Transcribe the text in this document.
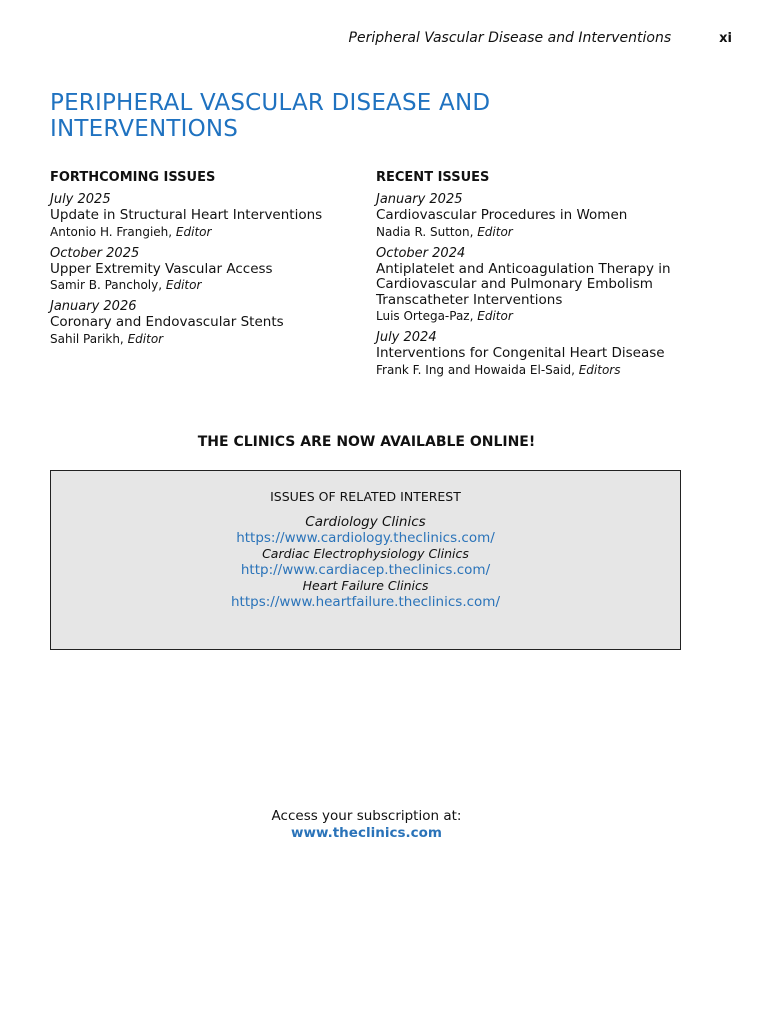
Peripheral Vascular Disease and Interventions	xi
PERIPHERAL VASCULAR DISEASE AND INTERVENTIONS
FORTHCOMING ISSUES
July 2025
Update in Structural Heart Interventions
Antonio H. Frangieh, Editor
October 2025
Upper Extremity Vascular Access
Samir B. Pancholy, Editor
January 2026
Coronary and Endovascular Stents
Sahil Parikh, Editor
RECENT ISSUES
January 2025
Cardiovascular Procedures in Women
Nadia R. Sutton, Editor
October 2024
Antiplatelet and Anticoagulation Therapy in Cardiovascular and Pulmonary Embolism Transcatheter Interventions
Luis Ortega-Paz, Editor
July 2024
Interventions for Congenital Heart Disease
Frank F. Ing and Howaida El-Said, Editors
THE CLINICS ARE NOW AVAILABLE ONLINE!
ISSUES OF RELATED INTEREST
Cardiology Clinics
https://www.cardiology.theclinics.com/
Cardiac Electrophysiology Clinics
http://www.cardiacep.theclinics.com/
Heart Failure Clinics
https://www.heartfailure.theclinics.com/
Access your subscription at:
www.theclinics.com
